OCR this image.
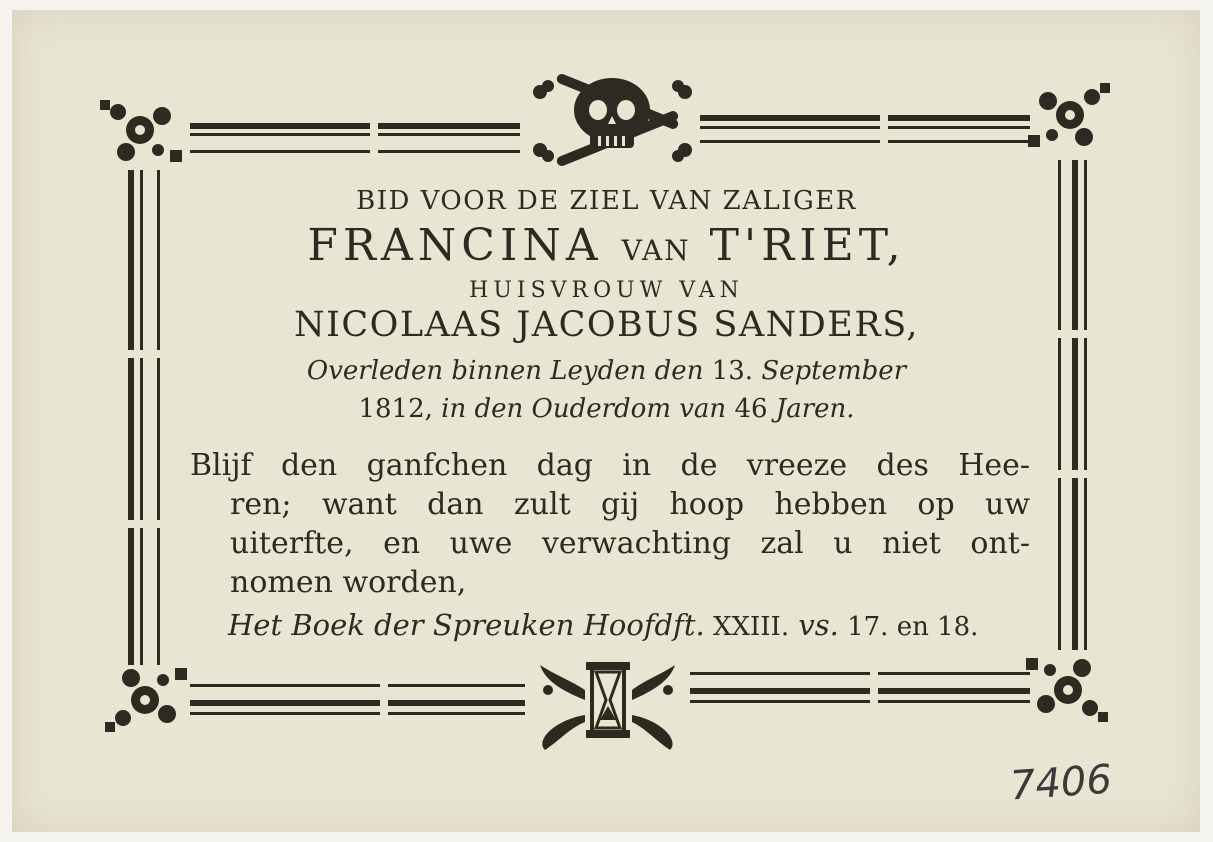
BID VOOR DE ZIEL VAN ZALIGER
FRANCINA VAN T'RIET,
HUISVROUW VAN
NICOLAAS JACOBUS SANDERS,
Overleden binnen Leyden den 13. September
1812, in den Ouderdom van 46 Jaren.
Blijf den ganfchen dag in de vreeze des Hee-
ren; want dan zult gij hoop hebben op uw
uiterfte, en uwe verwachting zal u niet ont-
nomen worden,
Het Boek der Spreuken Hoofdft. XXIII. vs. 17. en 18.
7406
